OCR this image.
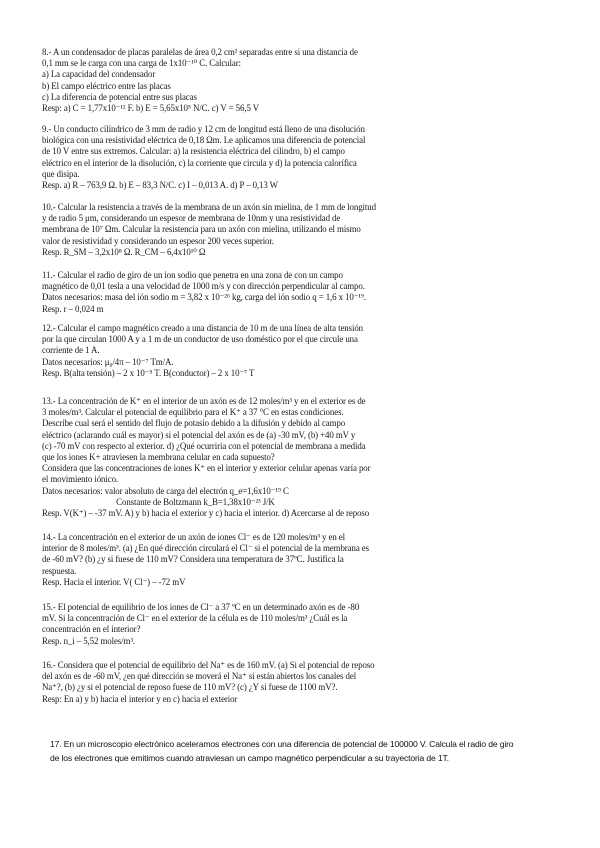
8.- A un condensador de placas paralelas de área 0,2 cm² separadas entre si una distancia de
0,1 mm se le carga con una carga de 1x10⁻¹⁰ C. Calcular:
a) La capacidad del condensador
b) El campo eléctrico entre las placas
c) La diferencia de potencial entre sus placas
Resp: a) C = 1,77x10⁻¹² F. b) E = 5,65x10⁵ N/C. c) V = 56,5 V
9.- Un conducto cilíndrico de 3 mm de radio y 12 cm de longitud está lleno de una disolución
biológica con una resistividad eléctrica de 0,18 Ωm. Le aplicamos una diferencia de potencial
de 10 V entre sus extremos. Calcular: a) la resistencia eléctrica del cilindro, b) el campo
eléctrico en el interior de la disolución, c) la corriente que circula y d) la potencia calorífica
que disipa.
Resp. a) R – 763,9 Ω. b) E – 83,3 N/C. c) I – 0,013 A. d) P – 0,13 W
10.- Calcular la resistencia a través de la membrana de un axón sin mielina, de 1 mm de longitud
y de radio 5 μm, considerando un espesor de membrana de 10nm y una resistividad de
membrana de 10⁷ Ωm. Calcular la resistencia para un axón con mielina, utilizando el mismo
valor de resistividad y considerando un espesor 200 veces superior.
Resp. R_SM – 3,2x10⁸ Ω. R_CM – 6,4x10¹⁰ Ω
11.- Calcular el radio de giro de un ion sodio que penetra en una zona de con un campo
magnético de 0,01 tesla a una velocidad de 1000 m/s y con dirección perpendicular al campo.
Datos necesarios: masa del ión sodio m = 3,82 x 10⁻²⁶ kg, carga del ión sodio q = 1,6 x 10⁻¹⁹.
Resp. r – 0,024 m
12.- Calcular el campo magnético creado a una distancia de 10 m de una línea de alta tensión
por la que circulan 1000 A y a 1 m de un conductor de uso doméstico por el que circule una
corriente de 1 A.
Datos necesarios: μ₀/4π – 10⁻⁷ Tm/A.
Resp. B(alta tensión) – 2 x 10⁻⁵ T. B(conductor) – 2 x 10⁻⁷ T
13.- La concentración de K⁺ en el interior de un axón es de 12 moles/m³ y en el exterior es de
3 moles/m³. Calcular el potencial de equilibrio para el K⁺ a 37 °C en estas condiciones.
Describe cual será el sentido del flujo de potasio debido a la difusión y debido al campo
eléctrico (aclarando cuál es mayor) si el potencial del axón es de (a) -30 mV, (b) +40 mV y
(c) -70 mV con respecto al exterior. d) ¿Qué ocurriría con el potencial de membrana a medida
que los iones K+ atraviesen la membrana celular en cada supuesto?
Considera que las concentraciones de iones K⁺ en el interior y exterior celular apenas varía por
el movimiento iónico.
Datos necesarios: valor absoluto de carga del electrón q_e=1,6x10⁻¹⁹ C
Constante de Boltzmann k_B=1,38x10⁻²³ J/K
Resp. V(K⁺) – -37 mV. A) y b) hacia el exterior y c) hacia el interior. d) Acercarse al de reposo
14.- La concentración en el exterior de un axón de iones Cl⁻ es de 120 moles/m³ y en el
interior de 8 moles/m³. (a) ¿En qué dirección circulará el Cl⁻ si el potencial de la membrana es
de -60 mV? (b) ¿y si fuese de 110 mV? Considera una temperatura de 37ºC. Justifica la
respuesta.
Resp. Hacia el interior. V( Cl⁻) – -72 mV
15.- El potencial de equilibrio de los iones de Cl⁻ a 37 ºC en un determinado axón es de -80
mV. Si la concentración de Cl⁻ en el exterior de la célula es de 110 moles/m³ ¿Cuál es la
concentración en el interior?
Resp. n_i – 5,52 moles/m³.
16.- Considera que el potencial de equilibrio del Na⁺ es de 160 mV. (a) Si el potencial de reposo
del axón es de -60 mV, ¿en qué dirección se moverá el Na⁺ si están abiertos los canales del
Na⁺?, (b) ¿y si el potencial de reposo fuese de 110 mV? (c) ¿Y si fuese de 1100 mV?.
Resp: En a) y b) hacia el interior y en c) hacia el exterior
17. En un microscopio electrónico aceleramos electrones con una diferencia de potencial de 100000 V. Calcula el radio de giro
de los electrones que emitimos cuando atraviesan un campo magnético perpendicular a su trayectoria de 1T.
